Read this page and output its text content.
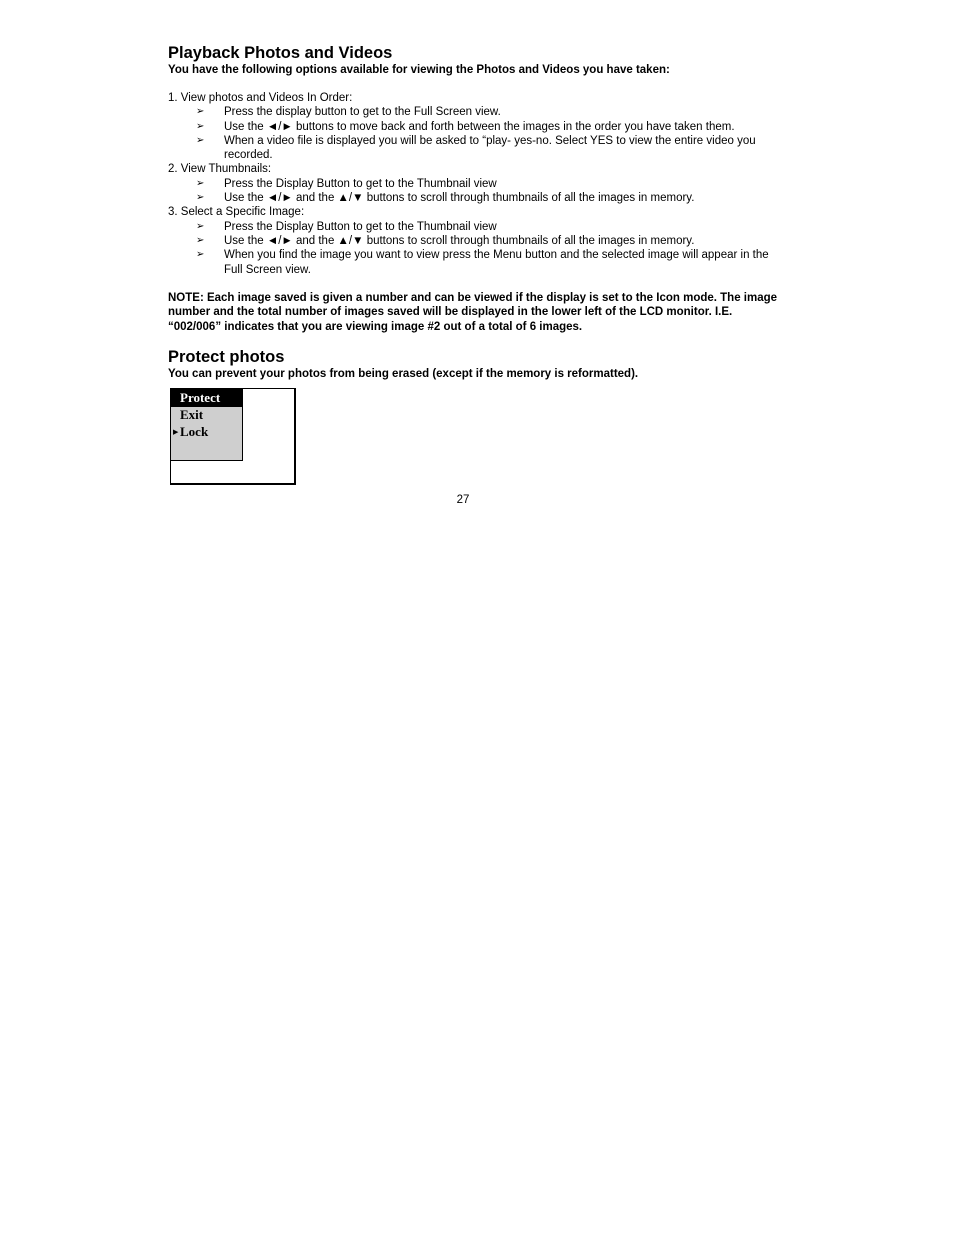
Playback Photos and Videos

You have the following options available for viewing the Photos and Videos you have taken:

1. View photos and Videos In Order:

➢ Press the display button to get to the Full Screen view.
➢ Use the ◄/► buttons to move back and forth between the images in the order you have taken them.
➢ When a video file is displayed you will be asked to “play- yes-no. Select YES to view the entire video you recorded.

2. View Thumbnails:

➢ Press the Display Button to get to the Thumbnail view
➢ Use the ◄/► and the ▲/▼ buttons to scroll through thumbnails of all the images in memory.

3. Select a Specific Image:

➢ Press the Display Button to get to the Thumbnail view
➢ Use the ◄/► and the ▲/▼ buttons to scroll through thumbnails of all the images in memory.
➢ When you find the image you want to view press the Menu button and the selected image will appear in the Full Screen view.

NOTE: Each image saved is given a number and can be viewed if the display is set to the Icon mode. The image number and the total number of images saved will be displayed in the lower left of the LCD monitor. I.E. “002/006” indicates that you are viewing image #2 out of a total of 6 images.

Protect photos

You can prevent your photos from being erased (except if the memory is reformatted).

Protect
Exit
▶ Lock
27
